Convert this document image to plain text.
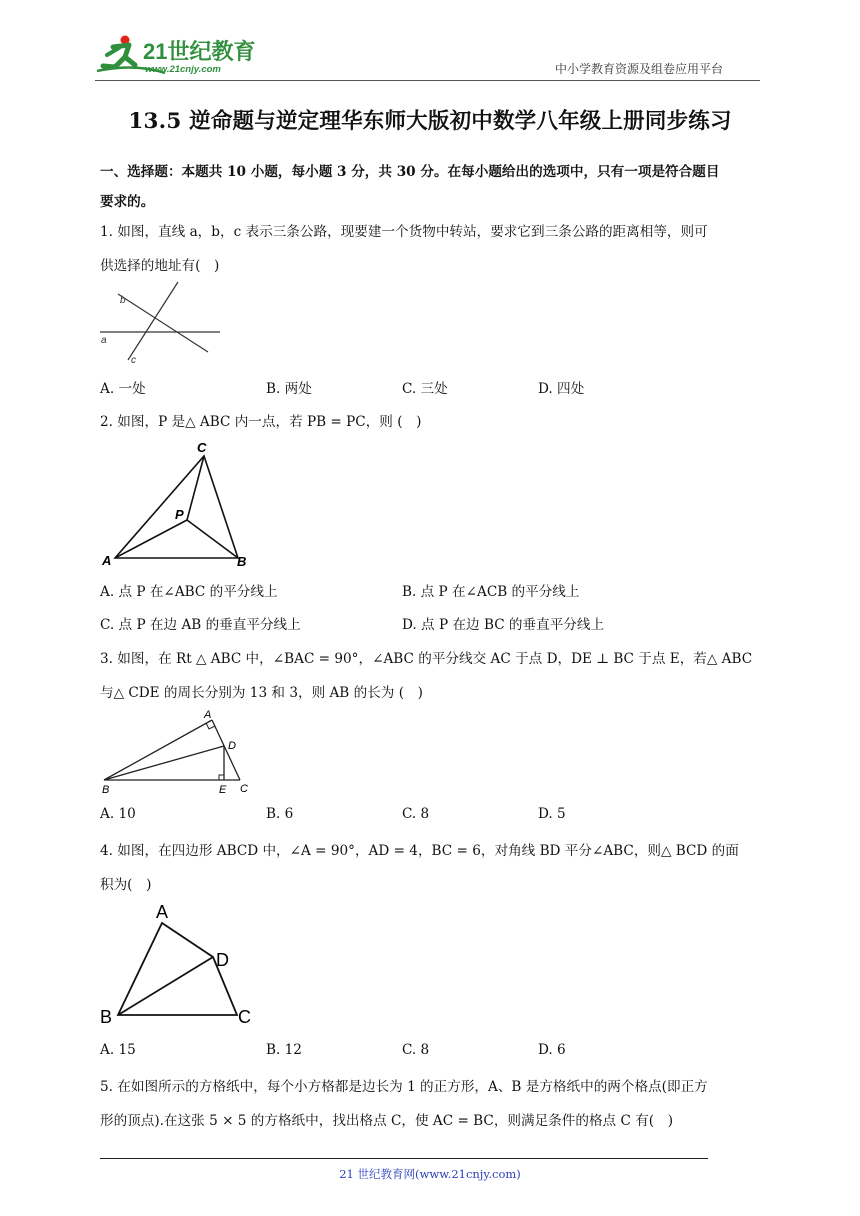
21世纪教育
www.21cnjy.com	中小学教育资源及组卷应用平台
13.5 逆命题与逆定理华东师大版初中数学八年级上册同步练习
一、选择题：本题共 10 小题，每小题 3 分，共 30 分。在每小题给出的选项中，只有一项是符合题目
要求的。
1. 如图，直线 a，b，c 表示三条公路，现要建一个货物中转站，要求它到三条公路的距离相等，则可
供选择的地址有(　)
a
b
c
A. 一处	B. 两处	C. 三处	D. 四处
2. 如图，P 是△ ABC 内一点，若 PB = PC，则 (　)
A	B
C
P
A. 点 P 在∠ABC 的平分线上	B. 点 P 在∠ACB 的平分线上
C. 点 P 在边 AB 的垂直平分线上	D. 点 P 在边 BC 的垂直平分线上
3. 如图，在 Rt △ ABC 中，∠BAC = 90°，∠ABC 的平分线交 AC 于点 D，DE ⊥ BC 于点 E，若△ ABC
与△ CDE 的周长分别为 13 和 3，则 AB 的长为 (　)
A
B	C
D
E
A. 10	B. 6	C. 8	D. 5
4. 如图，在四边形 ABCD 中，∠A = 90°，AD = 4，BC = 6，对角线 BD 平分∠ABC，则△ BCD 的面
积为(　)
A
B	C
D
A. 15	B. 12	C. 8	D. 6
5. 在如图所示的方格纸中，每个小方格都是边长为 1 的正方形，A、B 是方格纸中的两个格点(即正方
形的顶点).在这张 5 × 5 的方格纸中，找出格点 C，使 AC = BC，则满足条件的格点 C 有(　)
21 世纪教育网(www.21cnjy.com)
